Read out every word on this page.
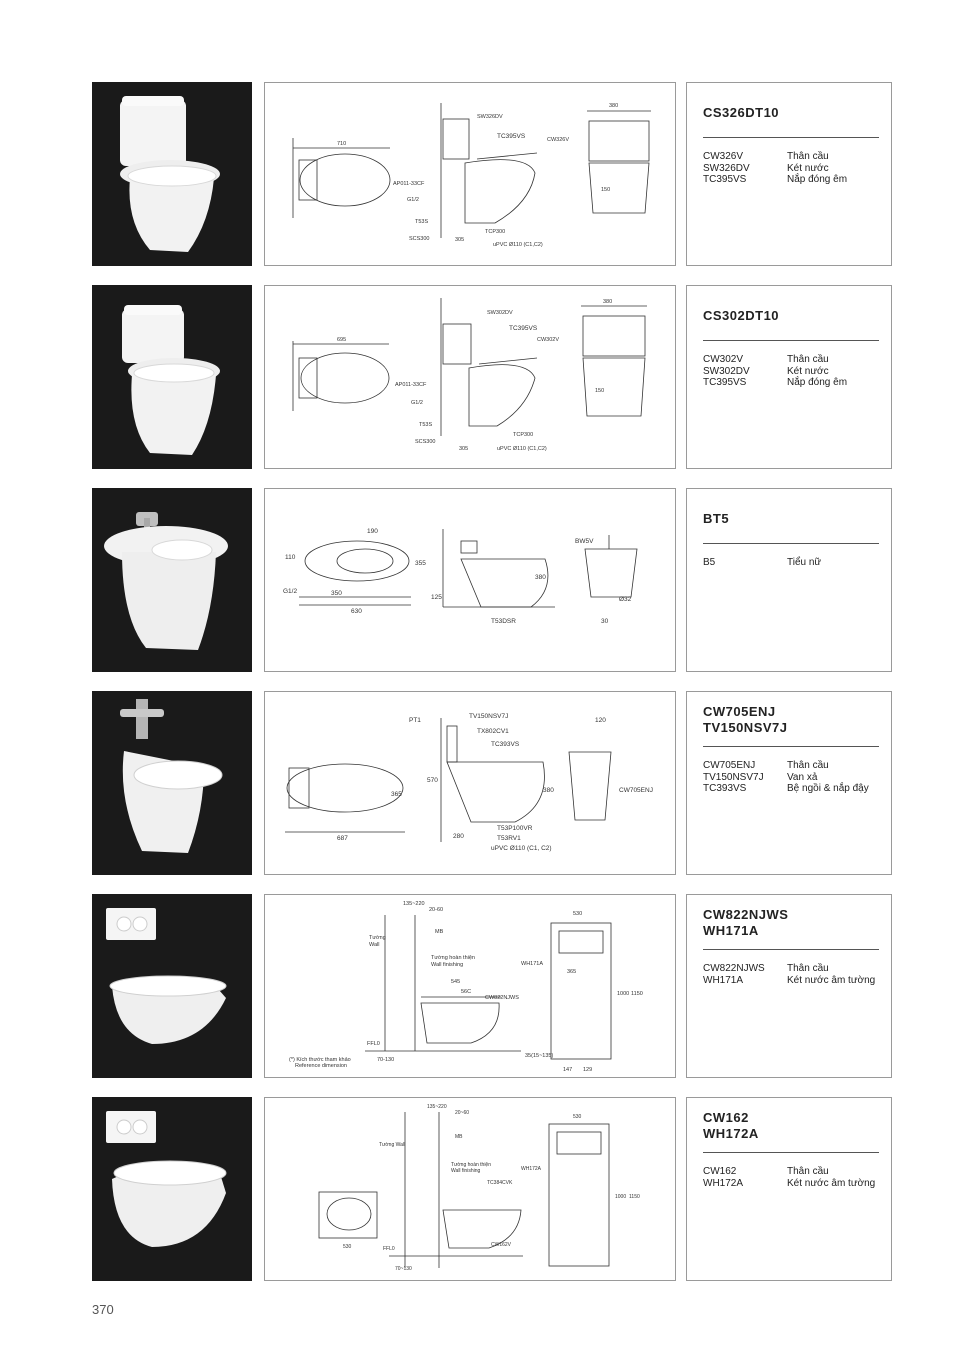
710
SW326DV
TC395VS	CW326V
AP011-33CF
G1/2
T53S
SCS300
TCP300
uPVC Ø110 (C1,C2)
305
380
150
CS326DT10
CW326V	Thân cầu
SW326DV	Két nước
TC395VS	Nắp đóng êm
695
SW302DV
TC395VS
CW302V
AP011-33CF
G1/2
T53S
SCS300
TCP300
uPVC Ø110 (C1,C2)
305
380
150
CS302DT10
CW302V	Thân cầu
SW302DV	Két nước
TC395VS	Nắp đóng êm
350
630
190
355
110
G1/2
125
T53DSR
BW5V
380
Ø32
30
BT5
B5	Tiểu nữ
687
365
PT1
TV150NSV7J
TX802CV1
TC393VS
570
380
280
T53P100VR
T53RV1
uPVC Ø110 (C1, C2)
120
CW705ENJ
CW705ENJ
TV150NSV7J
CW705ENJ	Thân cầu
TV150NSV7J	Van xả
TC393VS	Bệ ngồi & nắp đậy
135~220
20-60
MB
Tường
Wall
Tường hoàn thiện
Wall finishing
545
56C
CW822NJWS
FFL0
70-130
(*) Kích thước tham khảo
Reference dimension
530
WH171A
365
1000 1150
35(15~135)
147 129
CW822NJWS
WH171A
CW822NJWS	Thân cầu
WH171A	Két nước âm tường
530
135~220
20~60
MB
Tường Wall
Tường hoàn thiện
Wall finishing
TC384CVK
CW162V
FFL0
70~130
530
WH172A
1000 1150
CW162
WH172A
CW162	Thân cầu
WH172A	Két nước âm tường
370
